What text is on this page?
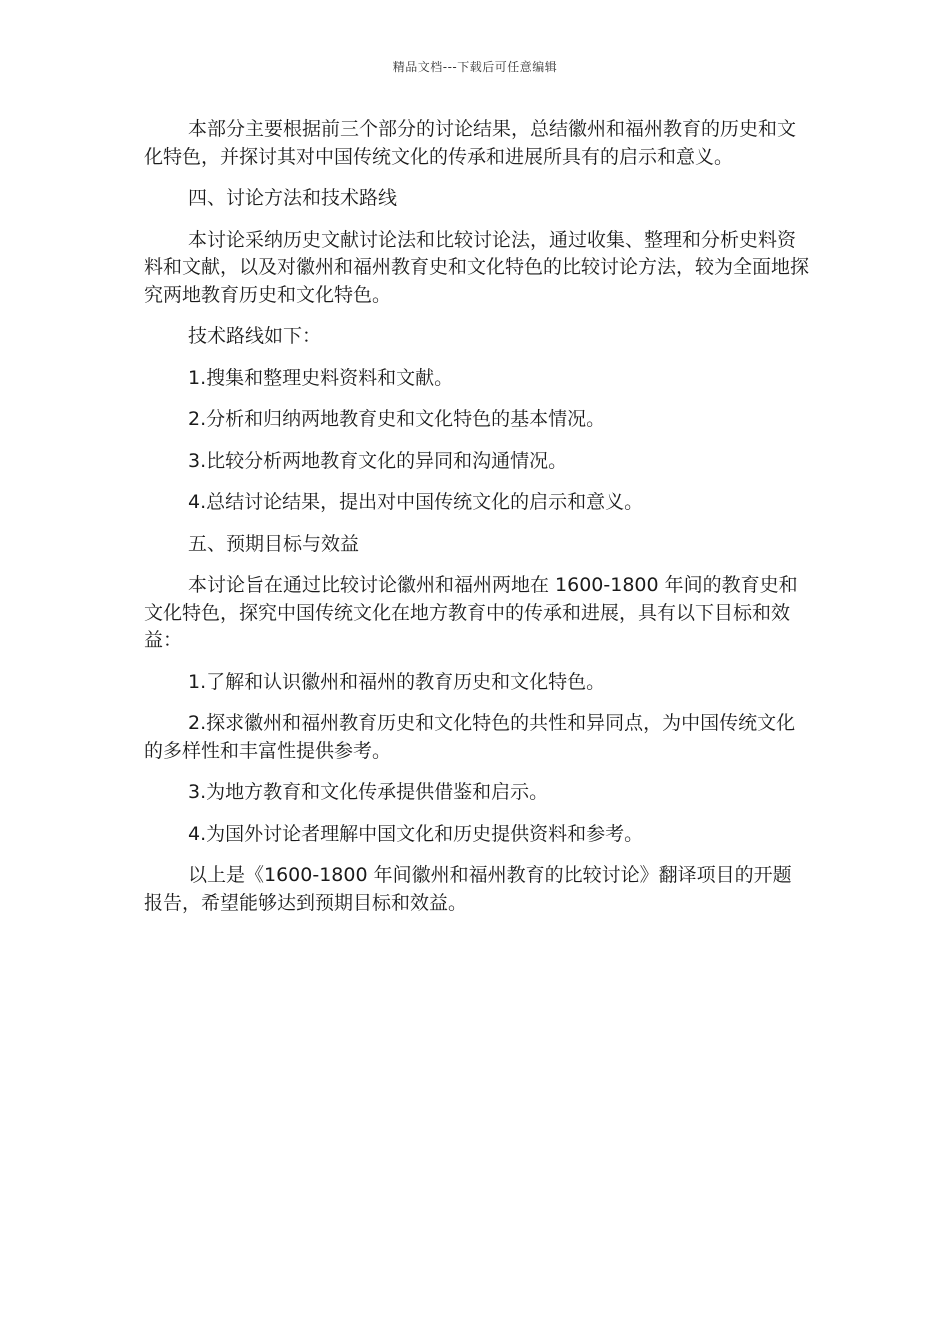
精品文档---下载后可任意编辑

本部分主要根据前三个部分的讨论结果，总结徽州和福州教育的历史和文化特色，并探讨其对中国传统文化的传承和进展所具有的启示和意义。

四、讨论方法和技术路线

本讨论采纳历史文献讨论法和比较讨论法，通过收集、整理和分析史料资料和文献，以及对徽州和福州教育史和文化特色的比较讨论方法，较为全面地探究两地教育历史和文化特色。

技术路线如下：

1.搜集和整理史料资料和文献。

2.分析和归纳两地教育史和文化特色的基本情况。

3.比较分析两地教育文化的异同和沟通情况。

4.总结讨论结果，提出对中国传统文化的启示和意义。

五、预期目标与效益

本讨论旨在通过比较讨论徽州和福州两地在 1600-1800 年间的教育史和文化特色，探究中国传统文化在地方教育中的传承和进展，具有以下目标和效益：

1.了解和认识徽州和福州的教育历史和文化特色。

2.探求徽州和福州教育历史和文化特色的共性和异同点，为中国传统文化的多样性和丰富性提供参考。

3.为地方教育和文化传承提供借鉴和启示。

4.为国外讨论者理解中国文化和历史提供资料和参考。

以上是《1600-1800 年间徽州和福州教育的比较讨论》翻译项目的开题报告，希望能够达到预期目标和效益。
